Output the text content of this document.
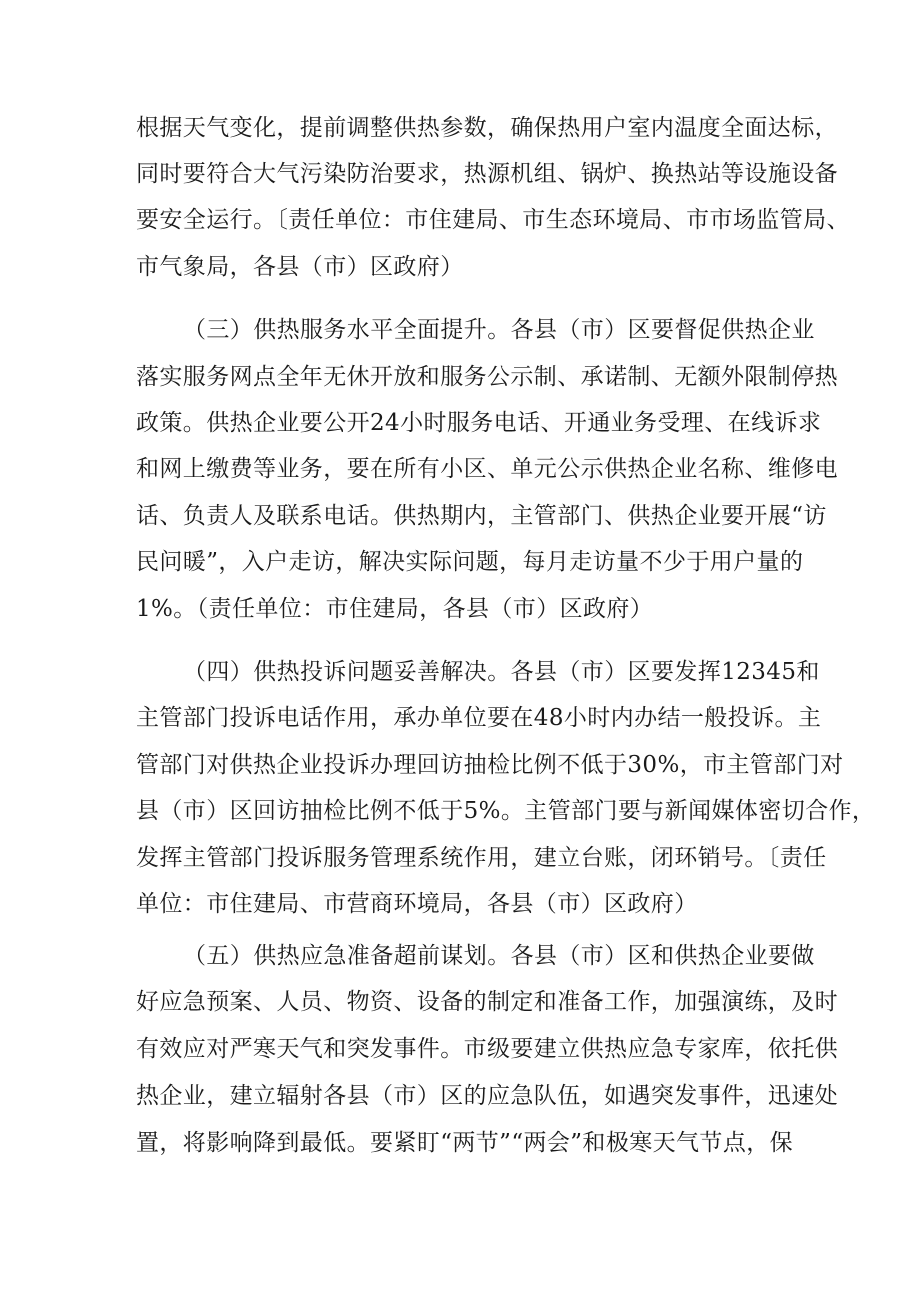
根据天气变化，提前调整供热参数，确保热用户室内温度全面达标，
同时要符合大气污染防治要求，热源机组、锅炉、换热站等设施设备
要安全运行。〔责任单位：市住建局、市生态环境局、市市场监管局、
市气象局，各县（市）区政府）
（三）供热服务水平全面提升。各县（市）区要督促供热企业
落实服务网点全年无休开放和服务公示制、承诺制、无额外限制停热
政策。供热企业要公开24小时服务电话、开通业务受理、在线诉求
和网上缴费等业务，要在所有小区、单元公示供热企业名称、维修电
话、负责人及联系电话。供热期内，主管部门、供热企业要开展“访
民问暖”，入户走访，解决实际问题，每月走访量不少于用户量的
1%。（责任单位：市住建局，各县（市）区政府）
（四）供热投诉问题妥善解决。各县（市）区要发挥12345和
主管部门投诉电话作用，承办单位要在48小时内办结一般投诉。主
管部门对供热企业投诉办理回访抽检比例不低于30%，市主管部门对
县（市）区回访抽检比例不低于5%。主管部门要与新闻媒体密切合作，
发挥主管部门投诉服务管理系统作用，建立台账，闭环销号。〔责任
单位：市住建局、市营商环境局，各县（市）区政府）
（五）供热应急准备超前谋划。各县（市）区和供热企业要做
好应急预案、人员、物资、设备的制定和准备工作，加强演练，及时
有效应对严寒天气和突发事件。市级要建立供热应急专家库，依托供
热企业，建立辐射各县（市）区的应急队伍，如遇突发事件，迅速处
置，将影响降到最低。要紧盯“两节”“两会”和极寒天气节点，保
